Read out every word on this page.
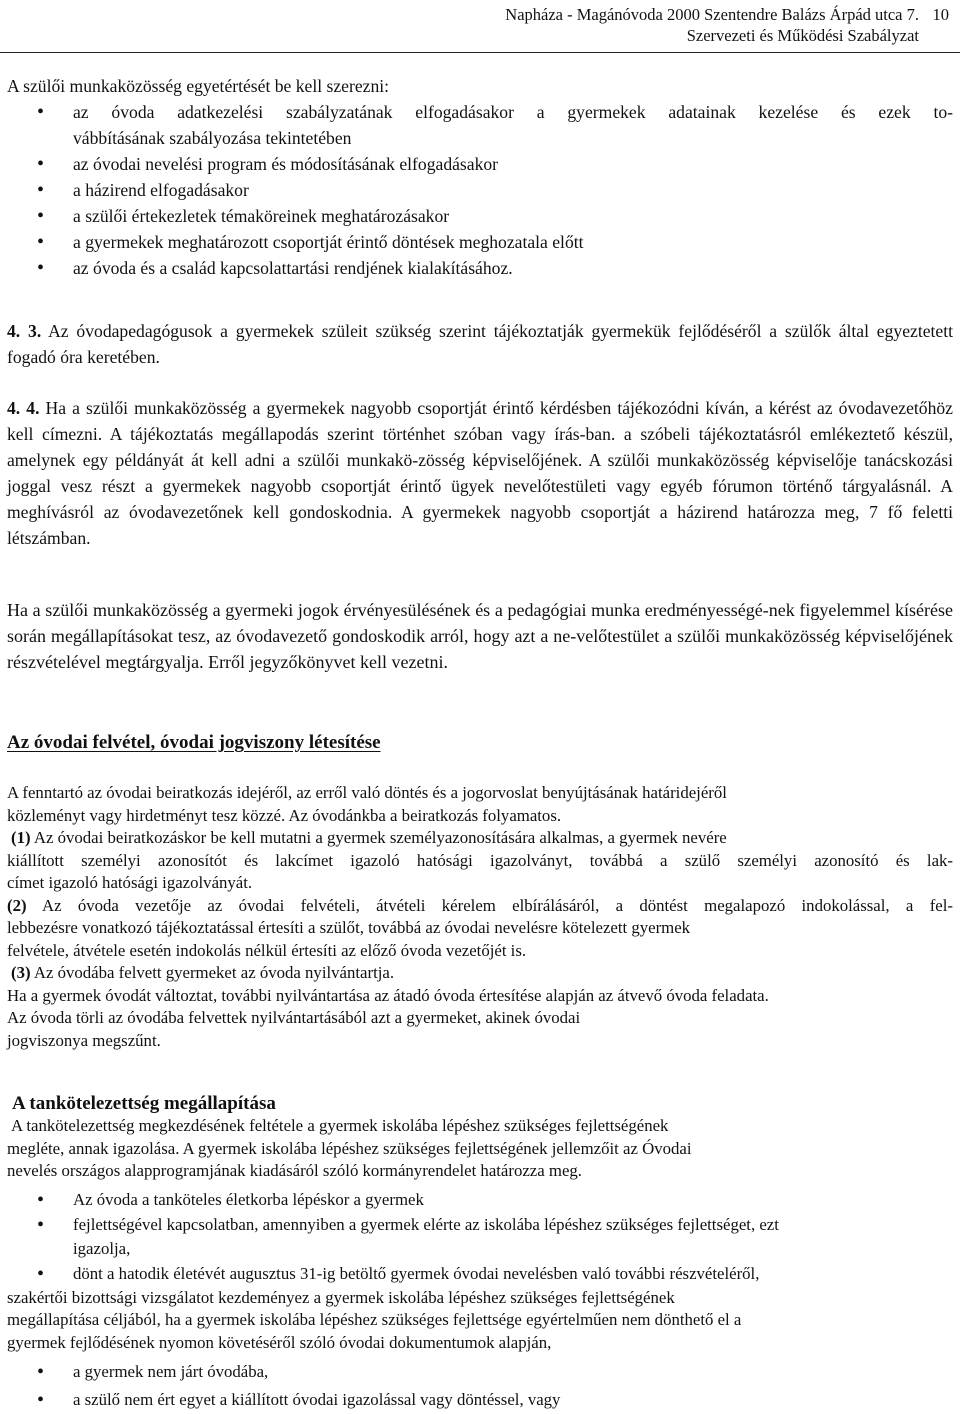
Napháza - Magánóvoda 2000 Szentendre Balázs Árpád utca 7.
Szervezeti és Működési Szabályzat
10
A szülői munkaközösség egyetértését be kell szerezni:
• az óvoda adatkezelési szabályzatának elfogadásakor a gyermekek adatainak kezelése és ezek to-
vábbításának szabályozása tekintetében
• az óvodai nevelési program és módosításának elfogadásakor
• a házirend elfogadásakor
• a szülői értekezletek témaköreinek meghatározásakor
• a gyermekek meghatározott csoportját érintő döntések meghozatala előtt
• az óvoda és a család kapcsolattartási rendjének kialakításához.
4. 3. Az óvodapedagógusok a gyermekek szüleit szükség szerint tájékoztatják gyermekük fejlődéséről a szülők által egyeztetett fogadó óra keretében.
4. 4. Ha a szülői munkaközösség a gyermekek nagyobb csoportját érintő kérdésben tájékozódni kíván, a kérést az óvodavezetőhöz kell címezni. A tájékoztatás megállapodás szerint történhet szóban vagy írás-ban. a szóbeli tájékoztatásról emlékeztető készül, amelynek egy példányát át kell adni a szülői munkakö-zösség képviselőjének. A szülői munkaközösség képviselője tanácskozási joggal vesz részt a gyermekek nagyobb csoportját érintő ügyek nevelőtestületi vagy egyéb fórumon történő tárgyalásnál. A meghívásról az óvodavezetőnek kell gondoskodnia. A gyermekek nagyobb csoportját a házirend határozza meg, 7 fő feletti létszámban.
Ha a szülői munkaközösség a gyermeki jogok érvényesülésének és a pedagógiai munka eredményességé-nek figyelemmel kísérése során megállapításokat tesz, az óvodavezető gondoskodik arról, hogy azt a ne-velőtestület a szülői munkaközösség képviselőjének részvételével megtárgyalja. Erről jegyzőkönyvet kell vezetni.
Az óvodai felvétel, óvodai jogviszony létesítése
A fenntartó az óvodai beiratkozás idejéről, az erről való döntés és a jogorvoslat benyújtásának határidejéről
közleményt vagy hirdetményt tesz közzé. Az óvodánkba a beiratkozás folyamatos.
(1) Az óvodai beiratkozáskor be kell mutatni a gyermek személyazonosítására alkalmas, a gyermek nevére
kiállított személyi azonosítót és lakcímet igazoló hatósági igazolványt, továbbá a szülő személyi azonosító és lak-
címet igazoló hatósági igazolványát.
(2) Az óvoda vezetője az óvodai felvételi, átvételi kérelem elbírálásáról, a döntést megalapozó indokolással, a fel-
lebbezésre vonatkozó tájékoztatással értesíti a szülőt, továbbá az óvodai nevelésre kötelezett gyermek
felvétele, átvétele esetén indokolás nélkül értesíti az előző óvoda vezetőjét is.
(3) Az óvodába felvett gyermeket az óvoda nyilvántartja.
Ha a gyermek óvodát változtat, további nyilvántartása az átadó óvoda értesítése alapján az átvevő óvoda feladata.
Az óvoda törli az óvodába felvettek nyilvántartásából azt a gyermeket, akinek óvodai
jogviszonya megszűnt.
A tankötelezettség megállapítása
A tankötelezettség megkezdésének feltétele a gyermek iskolába lépéshez szükséges fejlettségének
megléte, annak igazolása. A gyermek iskolába lépéshez szükséges fejlettségének jellemzőit az Óvodai
nevelés országos alapprogramjának kiadásáról szóló kormányrendelet határozza meg.
• Az óvoda a tanköteles életkorba lépéskor a gyermek
• fejlettségével kapcsolatban, amennyiben a gyermek elérte az iskolába lépéshez szükséges fejlettséget, ezt
igazolja,
• dönt a hatodik életévét augusztus 31-ig betöltő gyermek óvodai nevelésben való további részvételéről,
szakértői bizottsági vizsgálatot kezdeményez a gyermek iskolába lépéshez szükséges fejlettségének
megállapítása céljából, ha a gyermek iskolába lépéshez szükséges fejlettsége egyértelműen nem dönthető el a
gyermek fejlődésének nyomon követéséről szóló óvodai dokumentumok alapján,
• a gyermek nem járt óvodába,
• a szülő nem ért egyet a kiállított óvodai igazolással vagy döntéssel, vagy
